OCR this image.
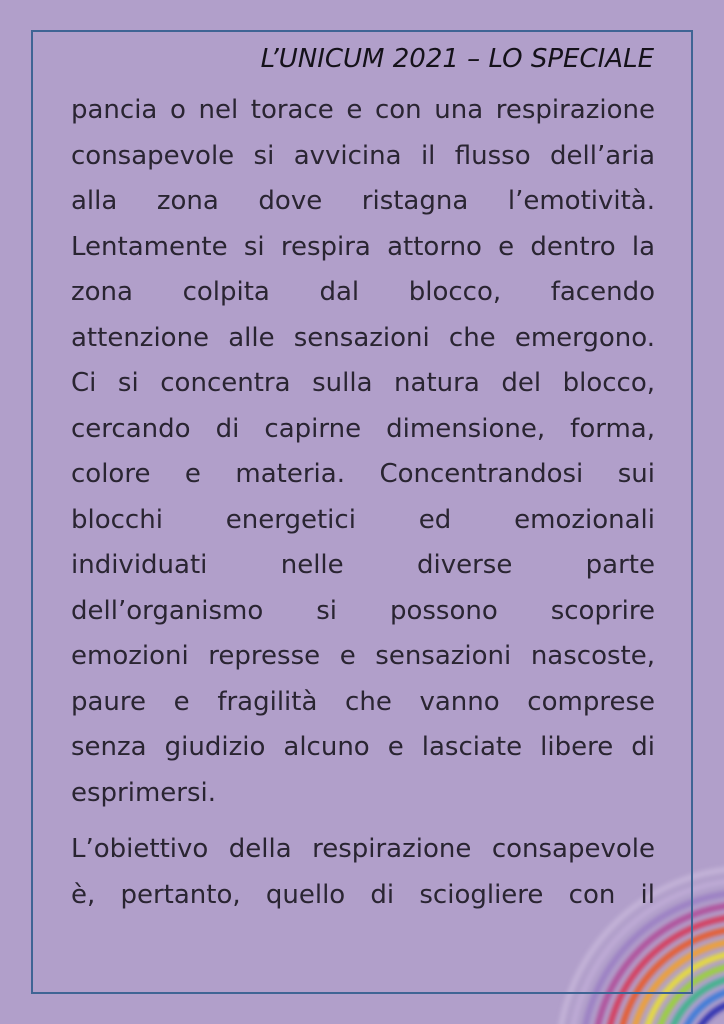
L’UNICUM 2021 – LO SPECIALE

pancia o nel torace e con una respirazione
consapevole si avvicina il flusso dell’aria
alla zona dove ristagna l’emotività.
Lentamente si respira attorno e dentro la
zona colpita dal blocco, facendo
attenzione alle sensazioni che emergono.
Ci si concentra sulla natura del blocco,
cercando di capirne dimensione, forma,
colore e materia. Concentrandosi sui
blocchi energetici ed emozionali
individuati nelle diverse parte
dell’organismo si possono scoprire
emozioni represse e sensazioni nascoste,
paure e fragilità che vanno comprese
senza giudizio alcuno e lasciate libere di
esprimersi.

L’obiettivo della respirazione consapevole
è, pertanto, quello di sciogliere con il
